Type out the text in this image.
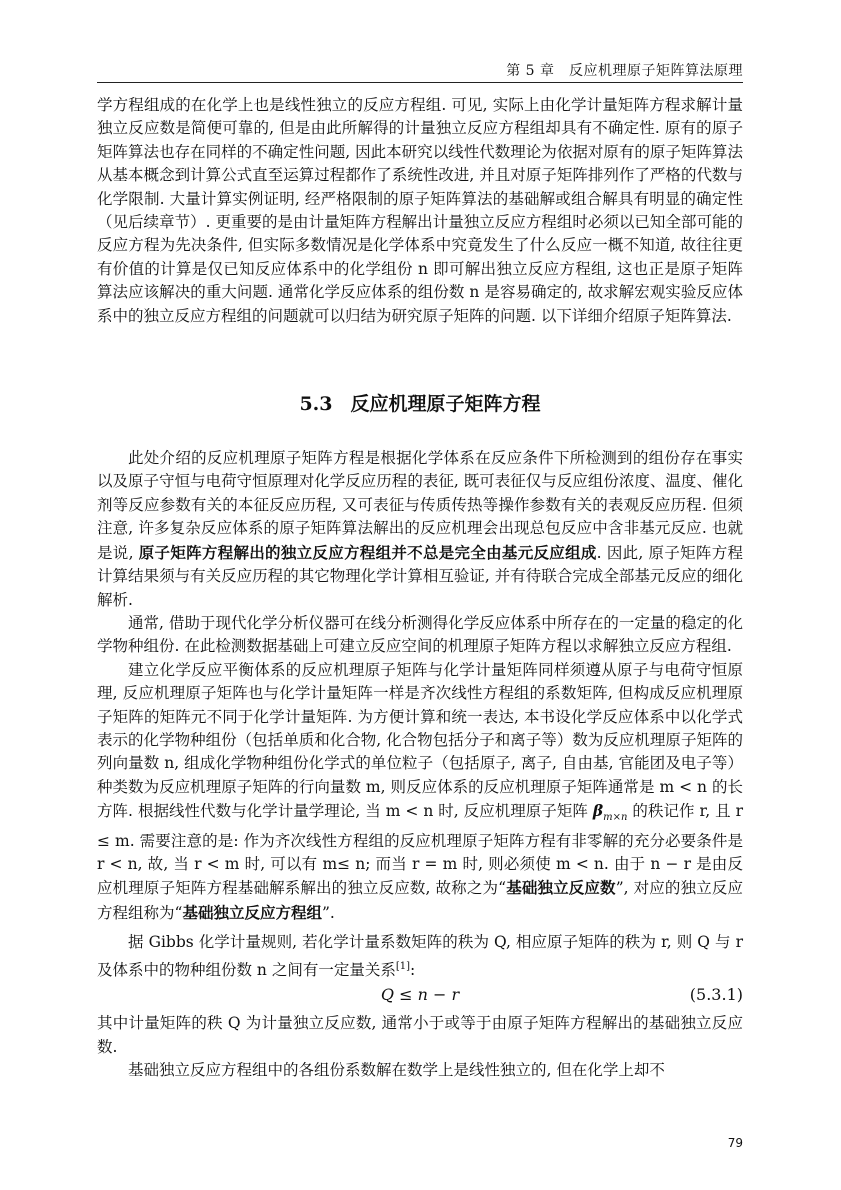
第 5 章　反应机理原子矩阵算法原理

学方程组成的在化学上也是线性独立的反应方程组. 可见, 实际上由化学计量矩阵方程求解计量独立反应数是简便可靠的, 但是由此所解得的计量独立反应方程组却具有不确定性. 原有的原子矩阵算法也存在同样的不确定性问题, 因此本研究以线性代数理论为依据对原有的原子矩阵算法从基本概念到计算公式直至运算过程都作了系统性改进, 并且对原子矩阵排列作了严格的代数与化学限制. 大量计算实例证明, 经严格限制的原子矩阵算法的基础解或组合解具有明显的确定性（见后续章节）. 更重要的是由计量矩阵方程解出计量独立反应方程组时必须以已知全部可能的反应方程为先决条件, 但实际多数情况是化学体系中究竟发生了什么反应一概不知道, 故往往更有价值的计算是仅已知反应体系中的化学组份 n 即可解出独立反应方程组, 这也正是原子矩阵算法应该解决的重大问题. 通常化学反应体系的组份数 n 是容易确定的, 故求解宏观实验反应体系中的独立反应方程组的问题就可以归结为研究原子矩阵的问题. 以下详细介绍原子矩阵算法.

5.3 反应机理原子矩阵方程

此处介绍的反应机理原子矩阵方程是根据化学体系在反应条件下所检测到的组份存在事实以及原子守恒与电荷守恒原理对化学反应历程的表征, 既可表征仅与反应组份浓度、温度、催化剂等反应参数有关的本征反应历程, 又可表征与传质传热等操作参数有关的表观反应历程. 但须注意, 许多复杂反应体系的原子矩阵算法解出的反应机理会出现总包反应中含非基元反应. 也就是说, 原子矩阵方程解出的独立反应方程组并不总是完全由基元反应组成. 因此, 原子矩阵方程计算结果须与有关反应历程的其它物理化学计算相互验证, 并有待联合完成全部基元反应的细化解析.

通常, 借助于现代化学分析仪器可在线分析测得化学反应体系中所存在的一定量的稳定的化学物种组份. 在此检测数据基础上可建立反应空间的机理原子矩阵方程以求解独立反应方程组.

建立化学反应平衡体系的反应机理原子矩阵与化学计量矩阵同样须遵从原子与电荷守恒原理, 反应机理原子矩阵也与化学计量矩阵一样是齐次线性方程组的系数矩阵, 但构成反应机理原子矩阵的矩阵元不同于化学计量矩阵. 为方便计算和统一表达, 本书设化学反应体系中以化学式表示的化学物种组份（包括单质和化合物, 化合物包括分子和离子等）数为反应机理原子矩阵的列向量数 n, 组成化学物种组份化学式的单位粒子（包括原子, 离子, 自由基, 官能团及电子等）种类数为反应机理原子矩阵的行向量数 m, 则反应体系的反应机理原子矩阵通常是 m < n 的长方阵. 根据线性代数与化学计量学理论, 当 m < n 时, 反应机理原子矩阵 $\beta_{m\times n}$ 的秩记作 r, 且 r ≤ m. 需要注意的是: 作为齐次线性方程组的反应机理原子矩阵方程有非零解的充分必要条件是 r < n, 故, 当 r < m 时, 可以有 m≤ n; 而当 r = m 时, 则必须使 m < n. 由于 n − r 是由反应机理原子矩阵方程基础解系解出的独立反应数, 故称之为“基础独立反应数”, 对应的独立反应方程组称为“基础独立反应方程组”.

据 Gibbs 化学计量规则, 若化学计量系数矩阵的秩为 Q, 相应原子矩阵的秩为 r, 则 Q 与 r 及体系中的物种组份数 n 之间有一定量关系[1]:

Q ≤ n − r	(5.3.1)

其中计量矩阵的秩 Q 为计量独立反应数, 通常小于或等于由原子矩阵方程解出的基础独立反应数.

基础独立反应方程组中的各组份系数解在数学上是线性独立的, 但在化学上却不

79
